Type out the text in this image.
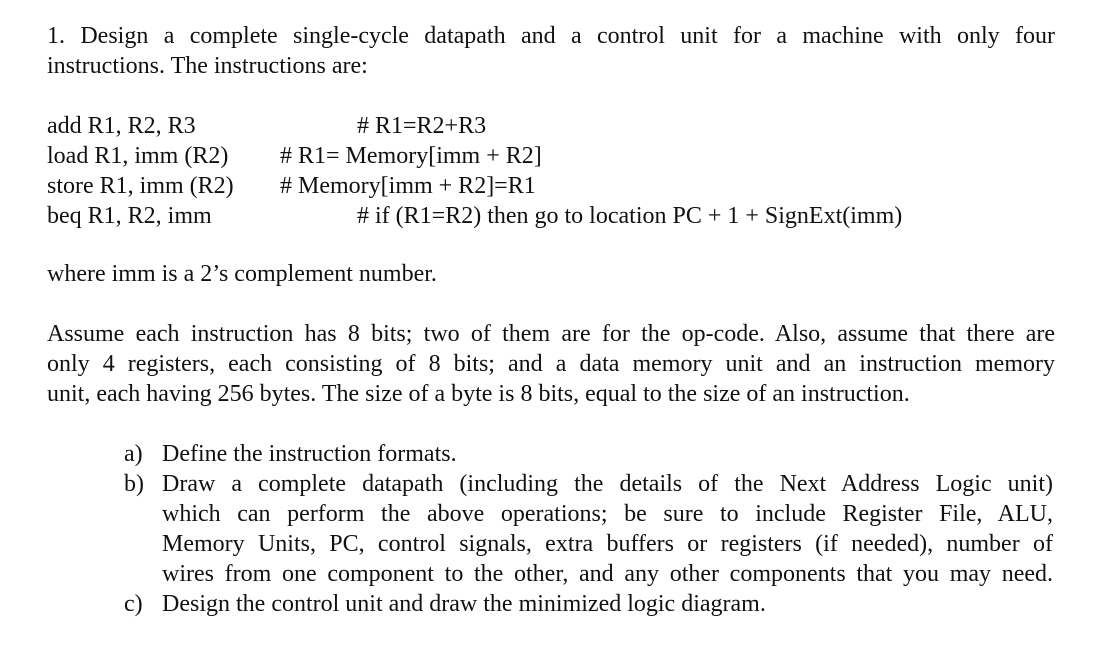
1. Design a complete single-cycle datapath and a control unit for a machine with only four
instructions. The instructions are:
add R1, R2, R3	# R1=R2+R3
load R1, imm (R2) # R1= Memory[imm + R2]
store R1, imm (R2) # Memory[imm + R2]=R1
beq R1, R2, imm	# if (R1=R2) then go to location PC + 1 + SignExt(imm)
where imm is a 2’s complement number.
Assume each instruction has 8 bits; two of them are for the op-code. Also, assume that there are
only 4 registers, each consisting of 8 bits; and a data memory unit and an instruction memory
unit, each having 256 bytes. The size of a byte is 8 bits, equal to the size of an instruction.
a) Define the instruction formats.
b) Draw a complete datapath (including the details of the Next Address Logic unit)
which can perform the above operations; be sure to include Register File, ALU,
Memory Units, PC, control signals, extra buffers or registers (if needed), number of
wires from one component to the other, and any other components that you may need.
c) Design the control unit and draw the minimized logic diagram.
